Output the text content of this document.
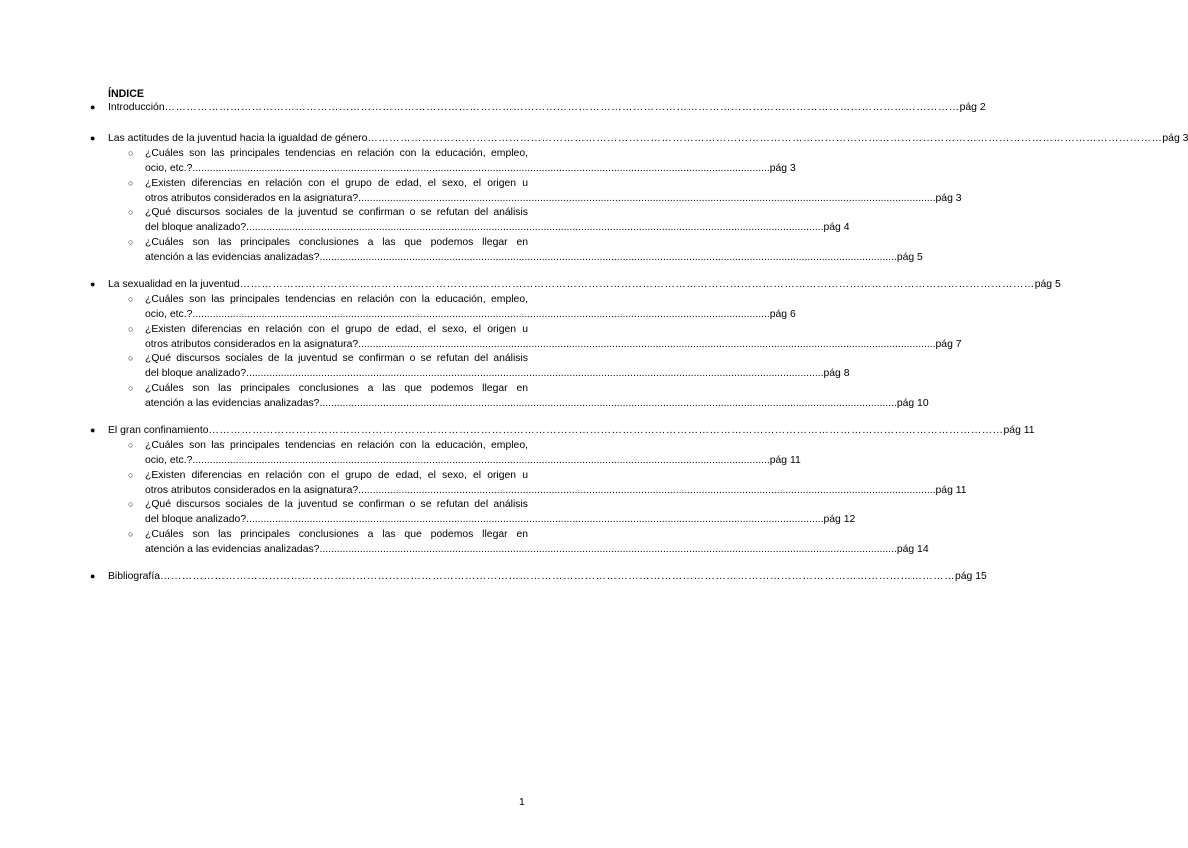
ÍNDICE
●	Introducción …………………………………………………………………………………………………………………………………………………………………………………………………	pág 2
●	Las actitudes de la juventud hacia la igualdad de género …………………………………………………………………………………………………………………………………………………………………………………………………	pág 3
○ ¿Cuáles son las principales tendencias en relación con la educación, empleo,
ocio, etc.? .....	pág 3
○ ¿Existen diferencias en relación con el grupo de edad, el sexo, el origen u
otros atributos considerados en la asignatura? .....	pág 3
○ ¿Qué discursos sociales de la juventud se confirman o se refutan del análisis
del bloque analizado? .....	pág 4
○ ¿Cuáles son las principales conclusiones a las que podemos llegar en
atención a las evidencias analizadas? .....	pág 5
●	La sexualidad en la juventud …………………………………………………………………………………………………………………………………………………………………………………………………	pág 5
○ ¿Cuáles son las principales tendencias en relación con la educación, empleo,
ocio, etc.? .....	pág 6
○ ¿Existen diferencias en relación con el grupo de edad, el sexo, el origen u
otros atributos considerados en la asignatura? .....	pág 7
○ ¿Qué discursos sociales de la juventud se confirman o se refutan del análisis
del bloque analizado? .....	pág 8
○ ¿Cuáles son las principales conclusiones a las que podemos llegar en
atención a las evidencias analizadas? .....	pág 10
●	El gran confinamiento …………………………………………………………………………………………………………………………………………………………………………………………………	pág 11
○ ¿Cuáles son las principales tendencias en relación con la educación, empleo,
ocio, etc.? .....	pág 11
○ ¿Existen diferencias en relación con el grupo de edad, el sexo, el origen u
otros atributos considerados en la asignatura? .....	pág 11
○ ¿Qué discursos sociales de la juventud se confirman o se refutan del análisis
del bloque analizado? .....	pág 12
○ ¿Cuáles son las principales conclusiones a las que podemos llegar en
atención a las evidencias analizadas? .....	pág 14
●	Bibliografía …………………………………………………………………………………………………………………………………………………………………………………………………	pág 15
1
